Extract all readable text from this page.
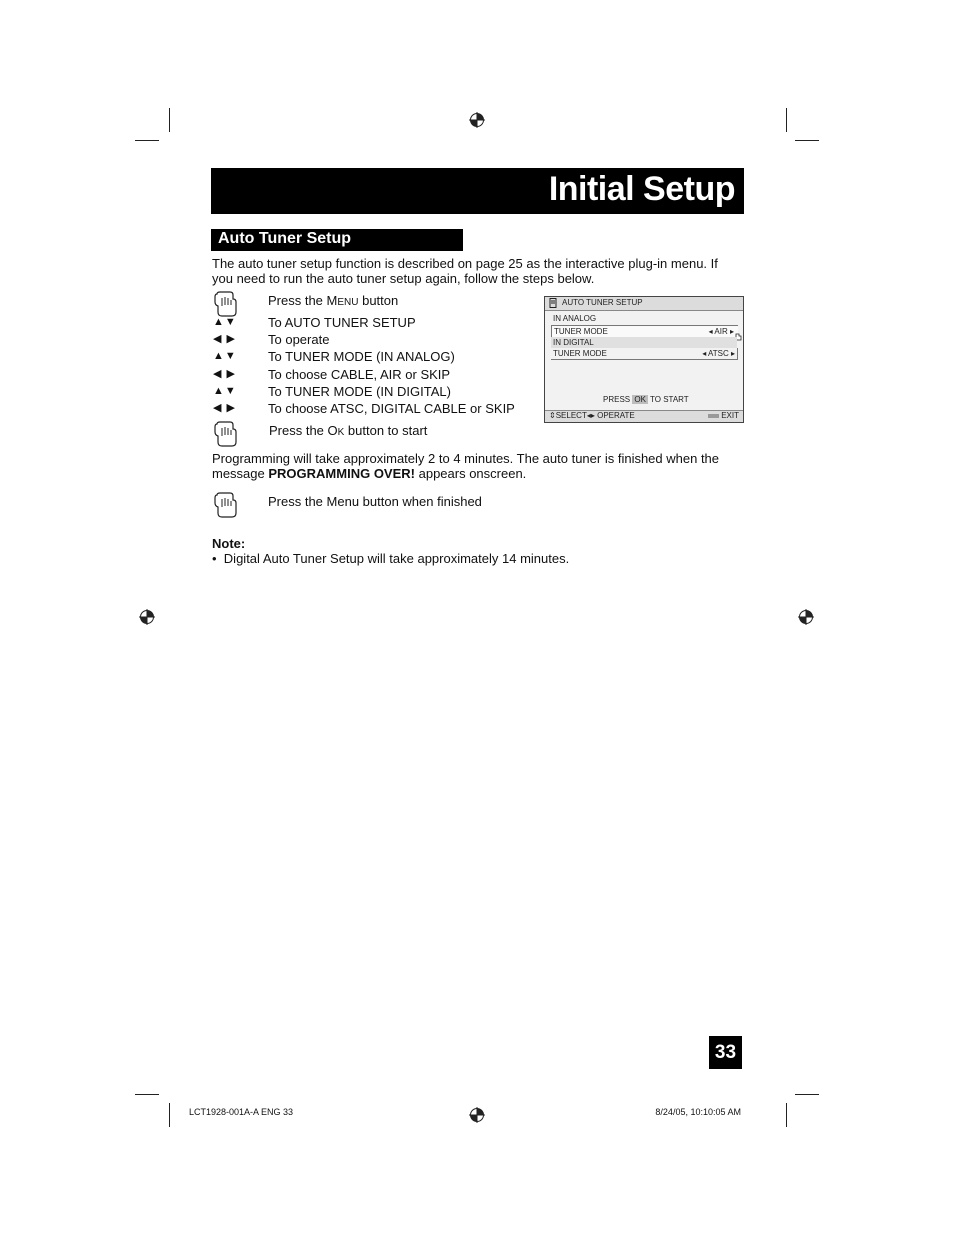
Initial Setup
Auto Tuner Setup
The auto tuner setup function is described on page 25 as the interactive plug-in menu. If you need to run the auto tuner setup again, follow the steps below.
Press the MENU button
▲▼ To AUTO TUNER SETUP
◀ ▶ To operate
▲▼ To TUNER MODE (IN ANALOG)
◀ ▶ To choose CABLE, AIR or SKIP
▲▼ To TUNER MODE (IN DIGITAL)
◀ ▶ To choose ATSC, DIGITAL CABLE or SKIP
Press the OK button to start
AUTO TUNER SETUP
IN ANALOG
TUNER MODE	◂ AIR ▸
IN DIGITAL
TUNER MODE	◂ ATSC ▸
PRESS OK TO START
⇕SELECT◂▸ OPERATE	EXIT
Programming will take approximately 2 to 4 minutes. The auto tuner is finished when the message PROGRAMMING OVER! appears onscreen.
Press the Menu button when finished
Note:
• Digital Auto Tuner Setup will take approximately 14 minutes.
33
LCT1928-001A-A ENG 33	8/24/05, 10:10:05 AM
